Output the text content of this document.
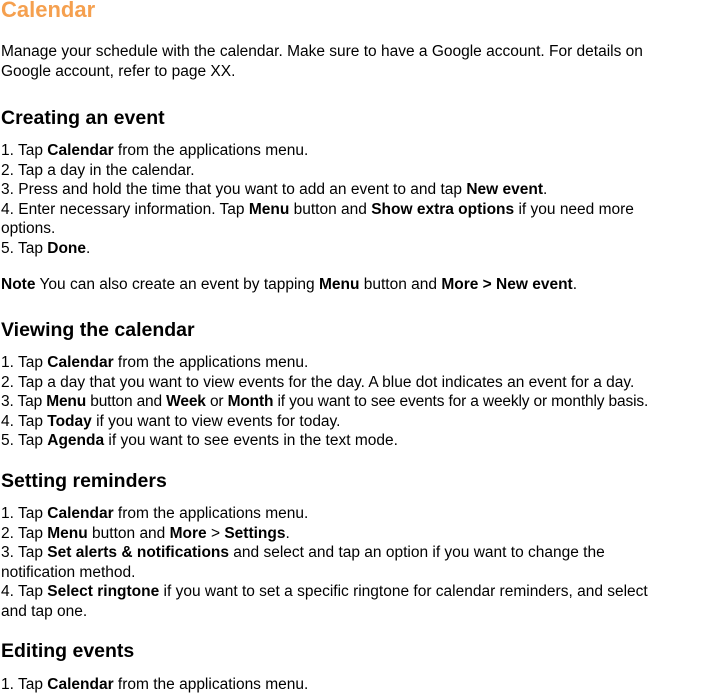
Calendar
Manage your schedule with the calendar. Make sure to have a Google account. For details on
Google account, refer to page XX.
Creating an event
1. Tap Calendar from the applications menu.
2. Tap a day in the calendar.
3. Press and hold the time that you want to add an event to and tap New event.
4. Enter necessary information. Tap Menu button and Show extra options if you need more
options.
5. Tap Done.
Note You can also create an event by tapping Menu button and More > New event.
Viewing the calendar
1. Tap Calendar from the applications menu.
2. Tap a day that you want to view events for the day. A blue dot indicates an event for a day.
3. Tap Menu button and Week or Month if you want to see events for a weekly or monthly basis.
4. Tap Today if you want to view events for today.
5. Tap Agenda if you want to see events in the text mode.
Setting reminders
1. Tap Calendar from the applications menu.
2. Tap Menu button and More > Settings.
3. Tap Set alerts & notifications and select and tap an option if you want to change the
notification method.
4. Tap Select ringtone if you want to set a specific ringtone for calendar reminders, and select
and tap one.
Editing events
1. Tap Calendar from the applications menu.
